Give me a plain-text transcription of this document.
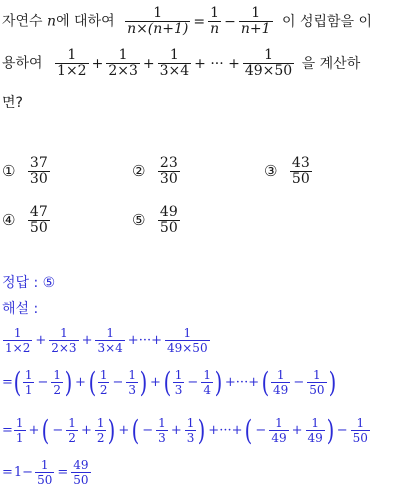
자연수 n에 대하여 $\frac{1}{n\times(n+1)} = \frac{1}{n} - \frac{1}{n+1}$ 이 성립함을 이
용하여 $\frac{1}{1\times 2} + \frac{1}{2\times 3} + \frac{1}{3\times 4}$ + ··· + $\frac{1}{49\times 50}$ 을 계산하
면?
① $\frac{37}{30}$	② $\frac{23}{30}$	③ $\frac{43}{50}$
④ $\frac{47}{50}$	⑤ $\frac{49}{50}$
정답 : ⑤
해설 :
$\frac{1}{1\times 2} + \frac{1}{2\times 3} + \frac{1}{3\times 4}$ +···+ $\frac{1}{49\times 50}$
=( $\frac{1}{1} - \frac{1}{2}$ ) +( $\frac{1}{2} - \frac{1}{3}$ ) +( $\frac{1}{3} - \frac{1}{4}$ ) +···+( $\frac{1}{49} - \frac{1}{50}$ )
= $\frac{1}{1}$ +( − $\frac{1}{2} + \frac{1}{2}$ ) +( − $\frac{1}{3} + \frac{1}{3}$ ) +···+( − $\frac{1}{49} + \frac{1}{49}$ ) − $\frac{1}{50}$
$=1- \frac{1}{50} = \frac{49}{50}$
